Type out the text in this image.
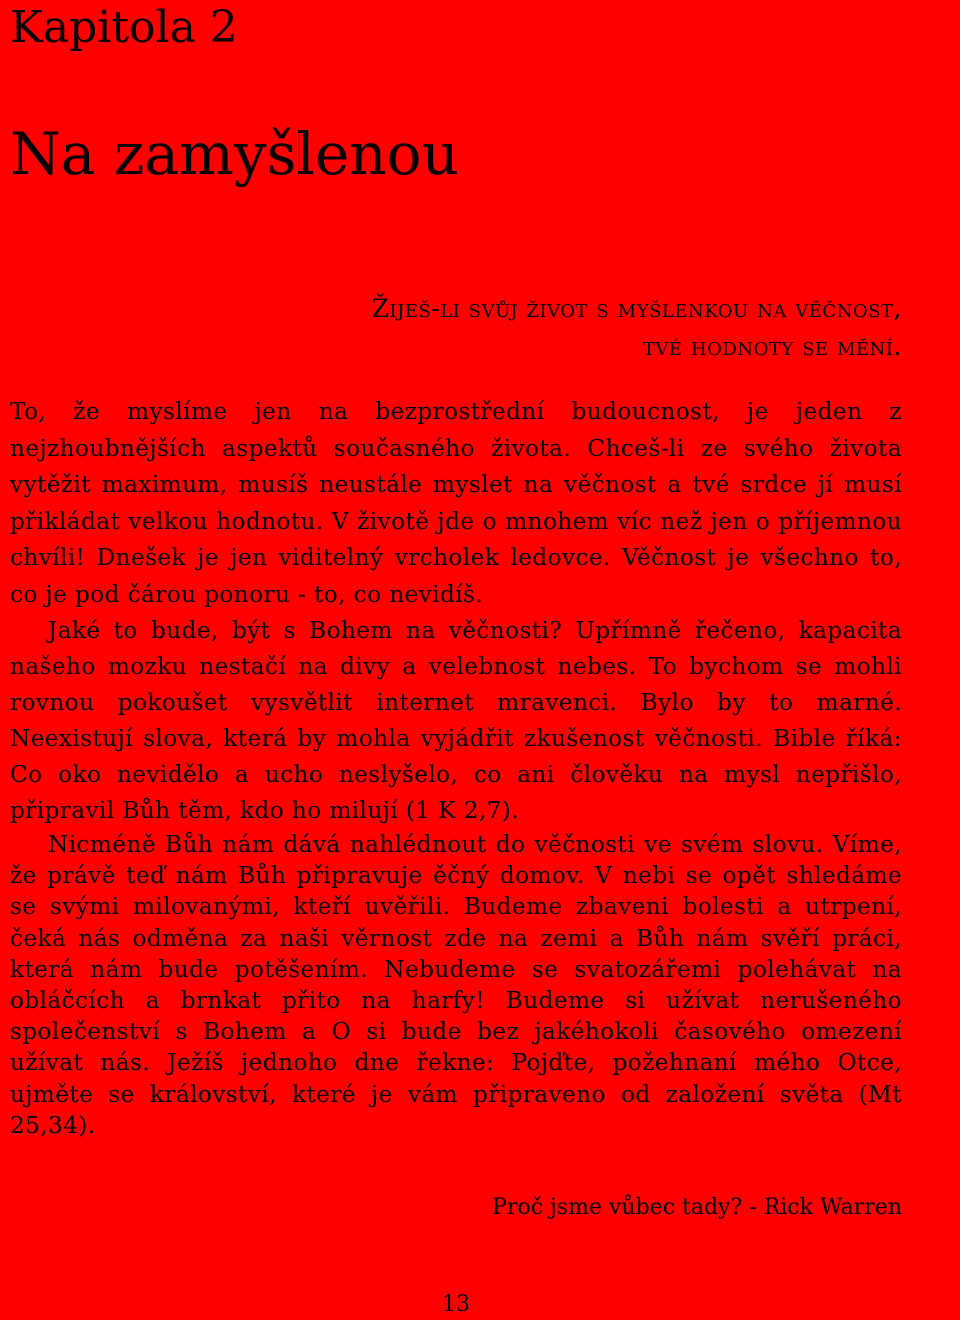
Kapitola 2
Na zamyšlenou
Žiješ-li svůj život s myšlenkou na věčnost,
tvé hodnoty se mění.

To, že myslíme jen na bezprostřední budoucnost, je jeden z nejzhoubnějších aspektů současného života. Chceš-li ze svého života vytěžit maximum, musíš neustále myslet na věčnost a tvé srdce jí musí přikládat velkou hodnotu. V životě jde o mnohem víc než jen o příjemnou chvíli! Dnešek je jen viditelný vrcholek ledovce. Věčnost je všechno to, co je pod čárou ponoru - to, co nevidíš.

Jaké to bude, být s Bohem na věčnosti? Upřímně řečeno, kapacita našeho mozku nestačí na divy a velebnost nebes. To bychom se mohli rovnou pokoušet vysvětlit internet mravenci. Bylo by to marné. Neexistují slova, která by mohla vyjádřit zkušenost věčnosti. Bible říká: Co oko nevidělo a ucho neslyšelo, co ani člověku na mysl nepřišlo, připravil Bůh těm, kdo ho milují (1 K 2,7).

Nicméně Bůh nám dává nahlédnout do věčnosti ve svém slovu. Víme, že právě teď nám Bůh připravuje ěčný domov. V nebi se opět shledáme se svými milovanými, kteří uvěřili. Budeme zbaveni bolesti a utrpení, čeká nás odměna za naši věrnost zde na zemi a Bůh nám svěří práci, která nám bude potěšením. Nebudeme se svatozářemi polehávat na obláčcích a brnkat přito na harfy! Budeme si užívat nerušeného společenství s Bohem a O si bude bez jakéhokoli časového omezení užívat nás. Ježíš jednoho dne řekne: Pojďte, požehnaní mého Otce, ujměte se království, které je vám připraveno od založení světa (Mt 25,34).

Proč jsme vůbec tady? - Rick Warren
13
